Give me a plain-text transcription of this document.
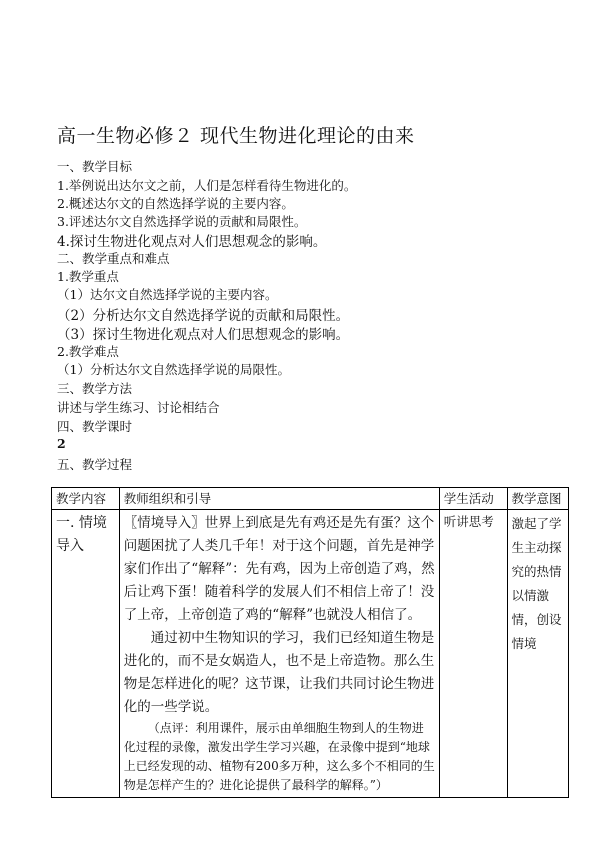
高一生物必修２ 现代生物进化理论的由来
一、教学目标
1.举例说出达尔文之前，人们是怎样看待生物进化的。
2.概述达尔文的自然选择学说的主要内容。
3.评述达尔文自然选择学说的贡献和局限性。
4.探讨生物进化观点对人们思想观念的影响。
二、教学重点和难点
1.教学重点
（1）达尔文自然选择学说的主要内容。
（2）分析达尔文自然选择学说的贡献和局限性。
（3）探讨生物进化观点对人们思想观念的影响。
2.教学难点
（1）分析达尔文自然选择学说的局限性。
三、教学方法
讲述与学生练习、讨论相结合
四、教学课时
2
五、教学过程
教学内容	教师组织和引导	学生活动	教学意图
一. 情境导入	〖情境导入〗世界上到底是先有鸡还是先有蛋？这个问题困扰了人类几千年！对于这个问题，首先是神学家们作出了“解释”：先有鸡，因为上帝创造了鸡，然后让鸡下蛋！随着科学的发展人们不相信上帝了！没了上帝，上帝创造了鸡的“解释”也就没人相信了。
通过初中生物知识的学习，我们已经知道生物是进化的，而不是女娲造人，也不是上帝造物。那么生物是怎样进化的呢？这节课，让我们共同讨论生物进化的一些学说。
（点评：利用课件，展示由单细胞生物到人的生物进化过程的录像，激发出学生学习兴趣，在录像中提到“地球上已经发现的动、植物有200多万种，这么多个不相同的生物是怎样产生的？进化论提供了最科学的解释。”）	听讲思考	激起了学生主动探究的热情以情激情，创设情境
